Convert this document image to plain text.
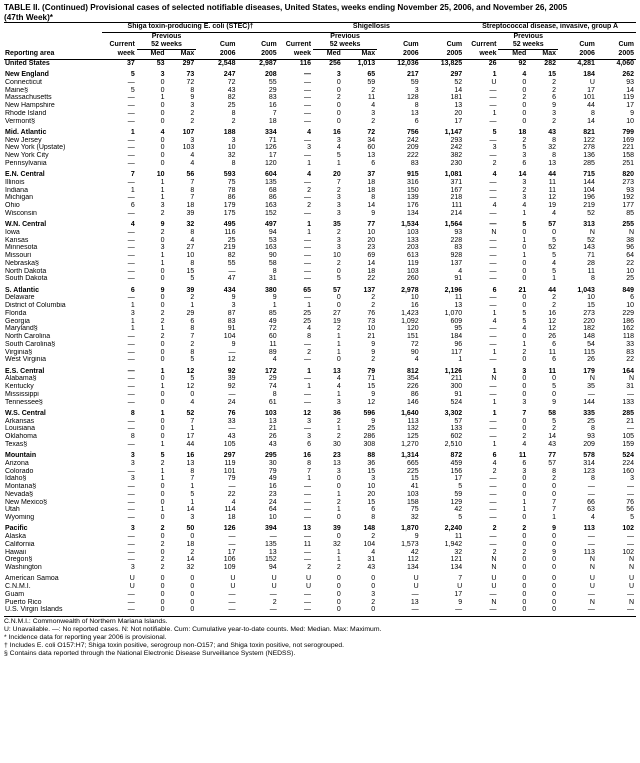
TABLE II. (Continued) Provisional cases of selected notifiable diseases, United States, weeks ending November 25, 2006, and November 26, 2005
(47th Week)*
	Shiga toxin-producing E. coli (STEC)†					Shigellosis					Streptococcal disease, invasive, group A				
		Previous					Previous					Previous			
	Current	52 weeks		Cum	Cum	Current	52 weeks		Cum	Cum	Current	52 weeks		Cum	Cum
Reporting area	week	Med	Max	2006	2005	week	Med	Max	2006	2005	week	Med	Max	2006	2005
United States	37	53	297	2,548	2,987	116	256	1,013	12,036	13,825	26	92	282	4,281	4,060
New England	5	3	73	247	208	—	3	65	217	297	1	4	15	184	262
Connecticut	—	0	72	72	55	—	0	59	59	52	U	0	2	U	93
Maine§	5	0	8	43	29	—	0	2	3	14	—	0	2	17	14
Massachusetts	—	1	9	82	83	—	2	11	128	181	—	2	6	101	119
New Hampshire	—	0	3	25	16	—	0	4	8	13	—	0	9	44	17
Rhode Island	—	0	2	8	7	—	0	3	13	20	1	0	3	8	9
Vermont§	—	0	2	2	18	—	0	2	6	17	—	0	2	14	10
Mid. Atlantic	1	4	107	188	334	4	16	72	756	1,147	5	18	43	821	799
New Jersey	—	0	3	3	71	—	3	34	242	293	—	2	8	122	169
New York (Upstate)	—	0	103	10	126	3	4	60	209	242	3	5	32	278	221
New York City	—	0	4	32	17	—	5	13	222	382	—	3	8	136	158
Pennsylvania	—	0	4	8	120	1	1	6	83	230	2	6	13	285	251
E.N. Central	7	10	56	593	604	4	20	37	915	1,081	4	14	44	715	820
Illinois	—	1	7	75	135	—	7	18	316	371	—	3	11	144	273
Indiana	1	1	8	78	68	2	2	18	150	167	—	2	11	104	93
Michigan	—	1	7	86	86	—	3	8	139	218	—	3	12	196	192
Ohio	6	3	18	179	163	2	3	14	176	111	4	4	19	219	177
Wisconsin	—	2	39	175	152	—	3	9	134	214	—	1	4	52	85
W.N. Central	4	9	32	495	497	1	35	77	1,534	1,564	—	5	57	313	255
Iowa	—	2	8	116	94	1	2	10	103	93	N	0	0	N	N
Kansas	—	0	4	25	53	—	3	20	133	228	—	1	5	52	38
Minnesota	—	3	27	219	163	—	3	23	203	83	—	0	52	143	96
Missouri	—	1	10	82	90	—	10	69	613	928	—	1	5	71	64
Nebraska§	—	1	8	55	58	—	2	14	119	137	—	0	4	28	22
North Dakota	—	0	15	—	8	—	0	18	103	4	—	0	5	11	10
South Dakota	—	0	5	47	31	—	5	22	260	91	—	0	1	8	25
S. Atlantic	6	9	39	434	380	65	57	137	2,978	2,196	6	21	44	1,043	849
Delaware	—	0	2	9	9	—	0	2	10	11	—	0	2	10	6
District of Columbia	1	0	1	3	1	1	0	2	16	13	—	0	2	15	10
Florida	3	2	29	87	85	25	27	76	1,423	1,070	1	5	16	273	229
Georgia	1	2	6	83	49	25	19	73	1,092	609	4	5	12	220	186
Maryland§	1	1	8	91	72	4	2	10	120	95	—	4	12	182	162
North Carolina	—	2	7	104	60	8	1	21	151	184	—	0	26	148	118
South Carolina§	—	0	2	9	11	—	1	9	72	96	—	1	6	54	33
Virginia§	—	0	8	—	89	2	1	9	90	117	1	2	11	115	83
West Virginia	—	0	5	12	4	—	0	2	4	1	—	0	6	26	22
E.S. Central	—	1	12	92	172	1	13	79	812	1,126	1	3	11	179	164
Alabama§	—	0	5	39	29	—	4	71	354	211	N	0	0	N	N
Kentucky	—	1	12	92	74	1	4	15	226	300	—	0	5	35	31
Mississippi	—	0	0	—	8	—	1	9	86	91	—	0	0	—	—
Tennessee§	—	0	4	24	61	—	3	12	146	524	1	3	9	144	133
W.S. Central	8	1	52	76	103	12	36	596	1,640	3,302	1	7	58	335	285
Arkansas	—	0	7	33	13	3	2	9	113	57	—	0	5	25	21
Louisiana	—	0	1	—	21	—	1	25	132	133	—	0	2	8	—
Oklahoma	8	0	17	43	26	3	2	286	125	602	—	2	14	93	105
Texas§	—	1	44	105	43	6	30	308	1,270	2,510	1	4	43	209	159
Mountain	3	5	16	297	295	16	23	88	1,314	872	6	11	77	578	524
Arizona	3	2	13	119	30	8	13	36	665	459	4	6	57	314	224
Colorado	—	1	8	101	79	7	3	15	225	156	2	3	8	123	160
Idaho§	3	1	7	79	49	1	0	3	15	17	—	0	2	8	3
Montana§	—	0	1	—	16	—	0	10	41	5	—	0	0	—	—
Nevada§	—	0	5	22	23	—	1	20	103	59	—	0	0	—	—
New Mexico§	—	0	1	4	24	—	2	15	158	129	—	1	7	66	76
Utah	—	1	14	114	64	—	1	6	75	42	—	1	7	63	56
Wyoming	—	0	3	18	10	—	0	8	32	5	—	0	1	4	5
Pacific	3	2	50	126	394	13	39	148	1,870	2,240	2	2	9	113	102
Alaska	—	0	0	—	—	—	0	2	9	11	—	0	0	—	—
California	—	2	18	—	135	11	32	104	1,573	1,942	—	0	0	—	—
Hawaii	—	0	2	17	13	—	1	4	42	32	2	2	9	113	102
Oregon§	—	2	14	106	152	—	1	31	112	121	N	0	0	N	N
Washington	3	2	32	109	94	2	2	43	134	134	N	0	0	N	N
American Samoa	U	0	0	U	U	U	0	0	U	7	U	0	0	U	U
C.N.M.I.	U	0	0	U	U	U	0	0	U	U	U	0	0	U	U
Guam	—	0	0	—	—	—	0	3	—	17	—	0	0	—	—
Puerto Rico	—	0	0	—	2	—	0	2	13	9	N	0	0	N	N
U.S. Virgin Islands	—	0	0	—	—	—	0	0	—	—	—	0	0	—	—
C.N.M.I.: Commonwealth of Northern Mariana Islands.
U: Unavailable. —: No reported cases. N: Not notifiable. Cum: Cumulative year-to-date counts. Med: Median. Max: Maximum.
* Incidence data for reporting year 2006 is provisional.
† Includes E. coli O157:H7; Shiga toxin positive, serogroup non-O157; and Shiga toxin positive, not serogrouped.
§ Contains data reported through the National Electronic Disease Surveillance System (NEDSS).
